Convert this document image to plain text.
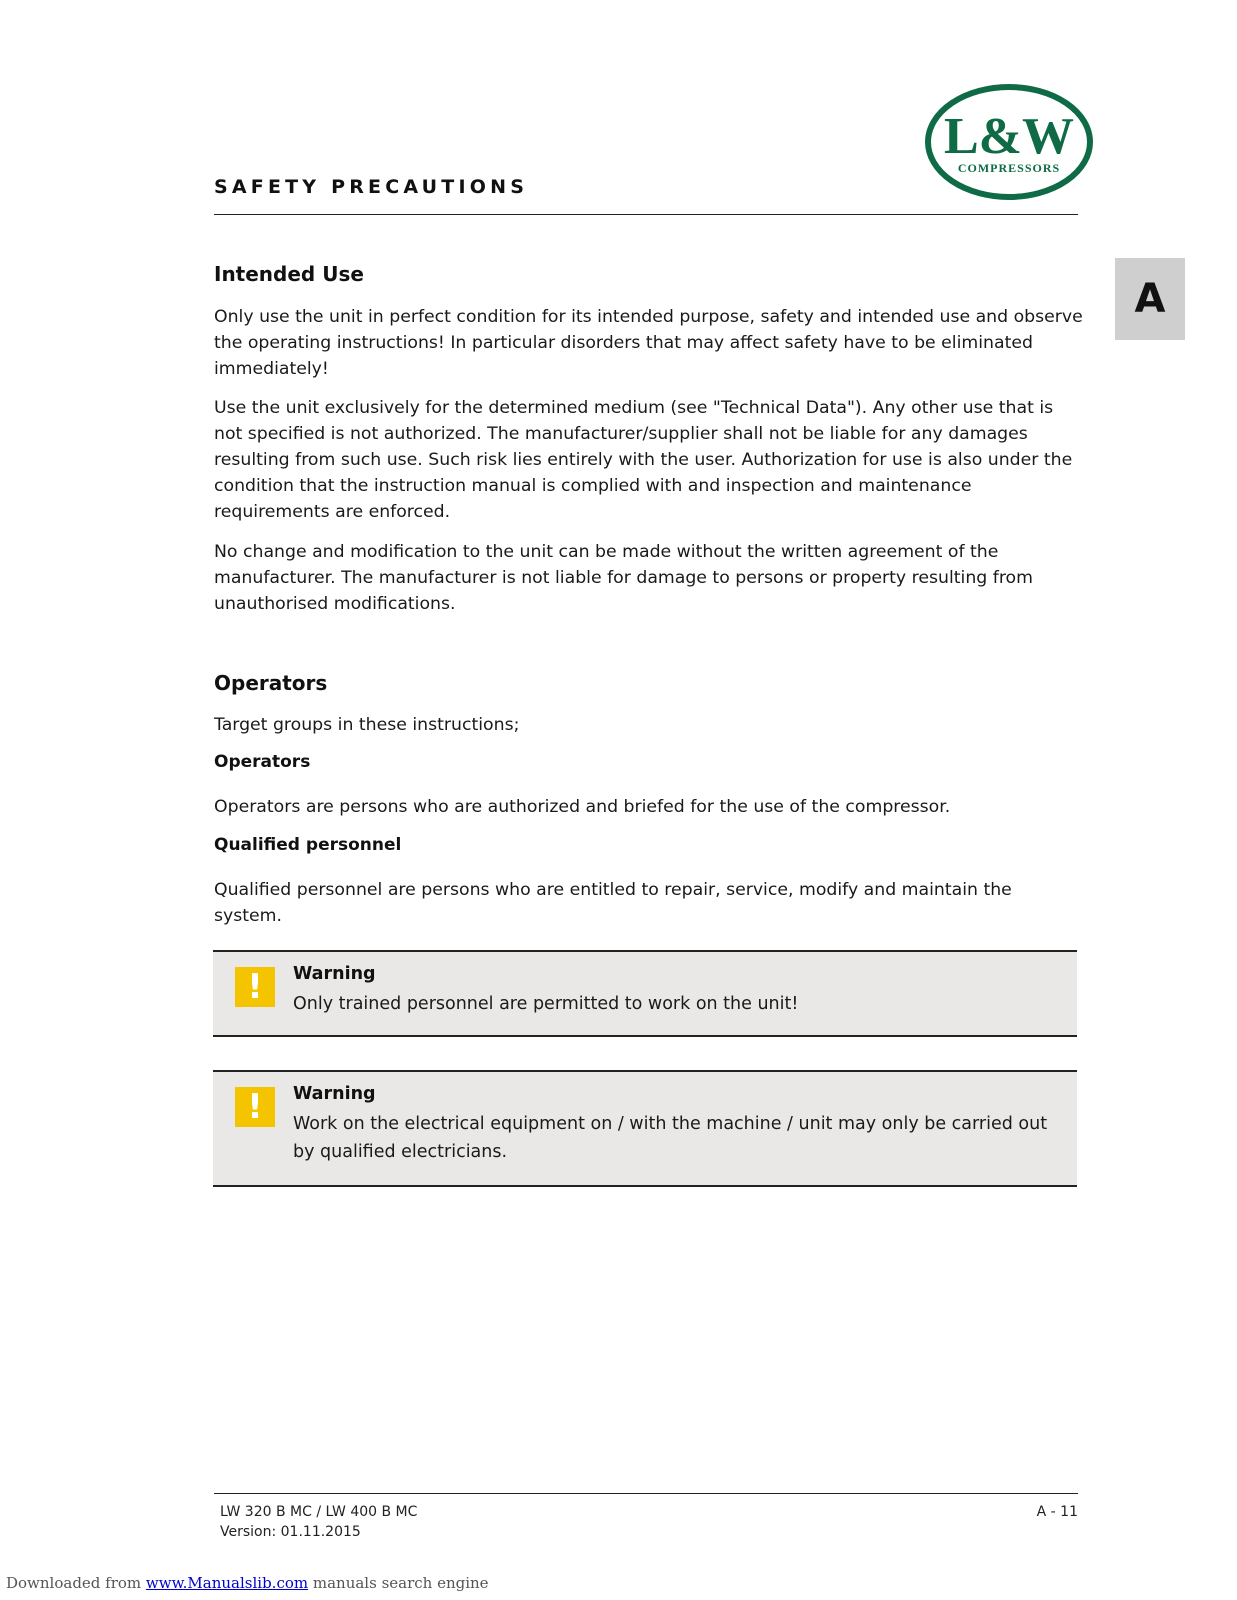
SAFETY PRECAUTIONS
L&W
COMPRESSORS
A
Intended Use

Only use the unit in perfect condition for its intended purpose, safety and intended use and observe the operating instructions! In particular disorders that may affect safety have to be eliminated immediately!

Use the unit exclusively for the determined medium (see "Technical Data"). Any other use that is not specified is not authorized. The manufacturer/supplier shall not be liable for any damages resulting from such use. Such risk lies entirely with the user. Authorization for use is also under the condition that the instruction manual is complied with and inspection and maintenance requirements are enforced.

No change and modification to the unit can be made without the written agreement of the manufacturer. The manufacturer is not liable for damage to persons or property resulting from unauthorised modifications.

Operators

Target groups in these instructions;

Operators

Operators are persons who are authorized and briefed for the use of the compressor.

Qualified personnel

Qualified personnel are persons who are entitled to repair, service, modify and maintain the system.

!	Warning
Only trained personnel are permitted to work on the unit!
!	Warning
Work on the electrical equipment on / with the machine / unit may only be carried out by qualified electricians.
LW 320 B MC / LW 400 B MC
Version: 01.11.2015
A - 11
Downloaded from www.Manualslib.com manuals search engine
